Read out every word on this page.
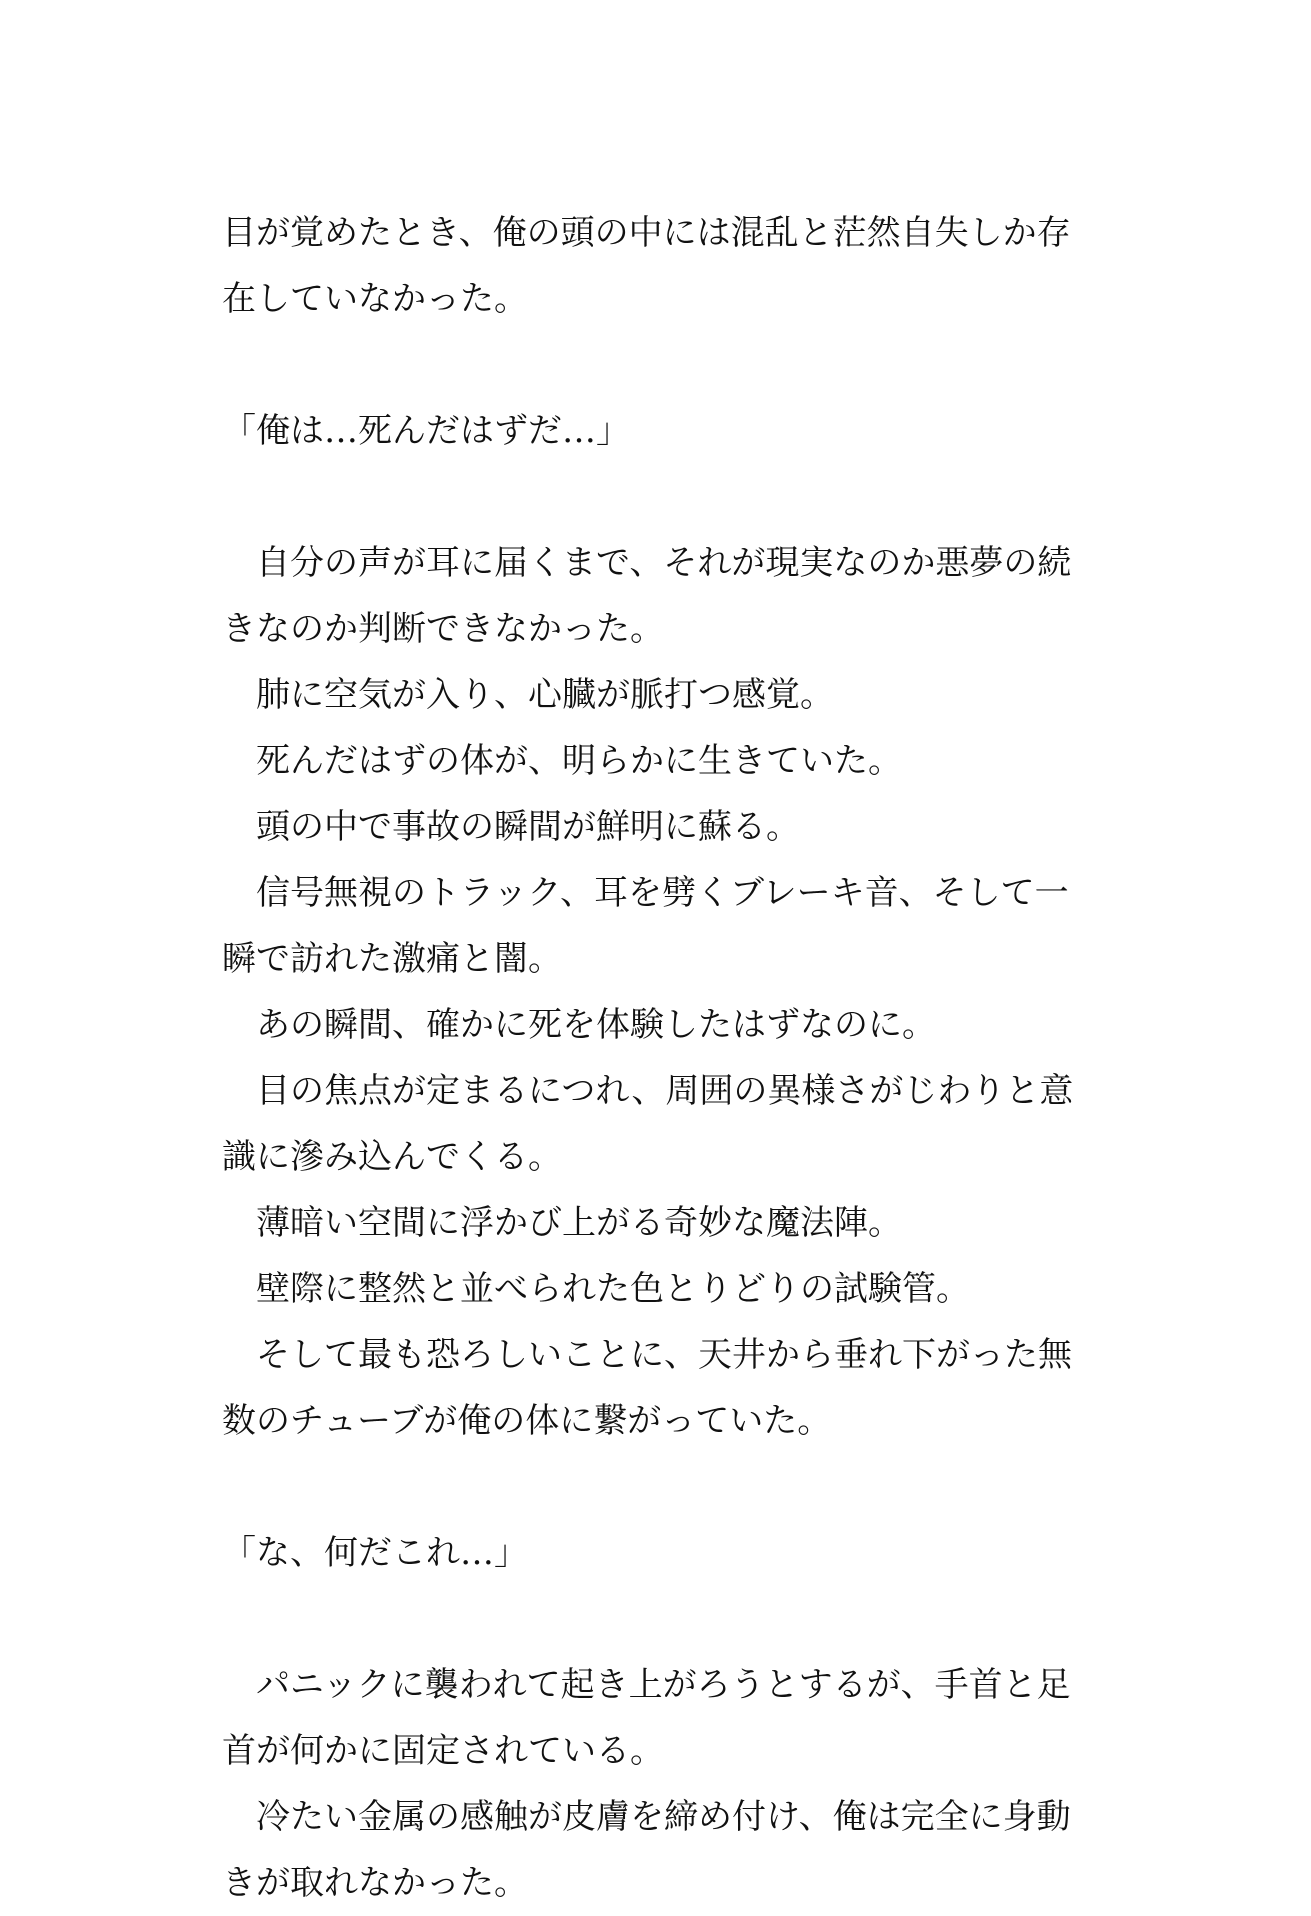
目が覚めたとき、俺の頭の中には混乱と茫然自失しか存
在していなかった。
「俺は…死んだはずだ…」
　自分の声が耳に届くまで、それが現実なのか悪夢の続
きなのか判断できなかった。
　肺に空気が入り、心臓が脈打つ感覚。
　死んだはずの体が、明らかに生きていた。
　頭の中で事故の瞬間が鮮明に蘇る。
　信号無視のトラック、耳を劈くブレーキ音、そして一
瞬で訪れた激痛と闇。
　あの瞬間、確かに死を体験したはずなのに。
　目の焦点が定まるにつれ、周囲の異様さがじわりと意
識に滲み込んでくる。
　薄暗い空間に浮かび上がる奇妙な魔法陣。
　壁際に整然と並べられた色とりどりの試験管。
　そして最も恐ろしいことに、天井から垂れ下がった無
数のチューブが俺の体に繋がっていた。
「な、何だこれ…」
　パニックに襲われて起き上がろうとするが、手首と足
首が何かに固定されている。
　冷たい金属の感触が皮膚を締め付け、俺は完全に身動
きが取れなかった。
